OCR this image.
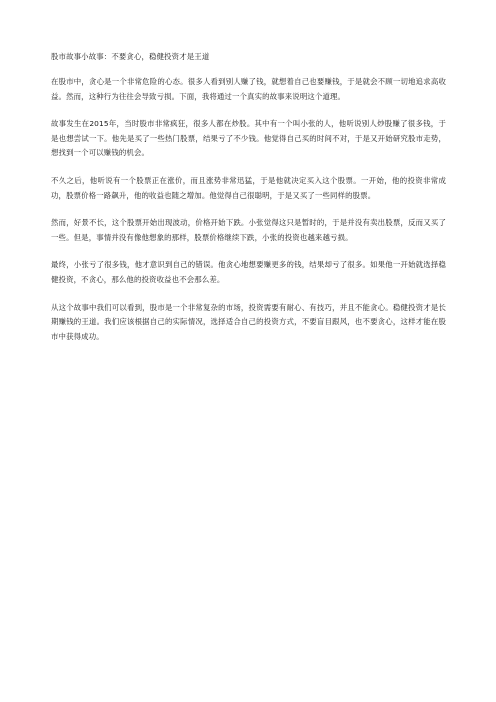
股市故事小故事：不要贪心，稳健投资才是王道

在股市中，贪心是一个非常危险的心态。很多人看到别人赚了钱，就想着自己也要赚钱，于是就会不顾一切地追求高收益。然而，这种行为往往会导致亏损。下面，我将通过一个真实的故事来说明这个道理。

故事发生在2015年，当时股市非常疯狂，很多人都在炒股。其中有一个叫小张的人，他听说别人炒股赚了很多钱，于是也想尝试一下。他先是买了一些热门股票，结果亏了不少钱。他觉得自己买的时间不对，于是又开始研究股市走势，想找到一个可以赚钱的机会。

不久之后，他听说有一个股票正在涨价，而且涨势非常迅猛，于是他就决定买入这个股票。一开始，他的投资非常成功，股票价格一路飙升，他的收益也随之增加。他觉得自己很聪明，于是又买了一些同样的股票。

然而，好景不长，这个股票开始出现波动，价格开始下跌。小张觉得这只是暂时的，于是并没有卖出股票，反而又买了一些。但是，事情并没有像他想象的那样，股票价格继续下跌，小张的投资也越来越亏损。

最终，小张亏了很多钱，他才意识到自己的错误。他贪心地想要赚更多的钱，结果却亏了很多。如果他一开始就选择稳健投资，不贪心，那么他的投资收益也不会那么差。

从这个故事中我们可以看到，股市是一个非常复杂的市场，投资需要有耐心、有技巧，并且不能贪心。稳健投资才是长期赚钱的王道。我们应该根据自己的实际情况，选择适合自己的投资方式，不要盲目跟风，也不要贪心，这样才能在股市中获得成功。
